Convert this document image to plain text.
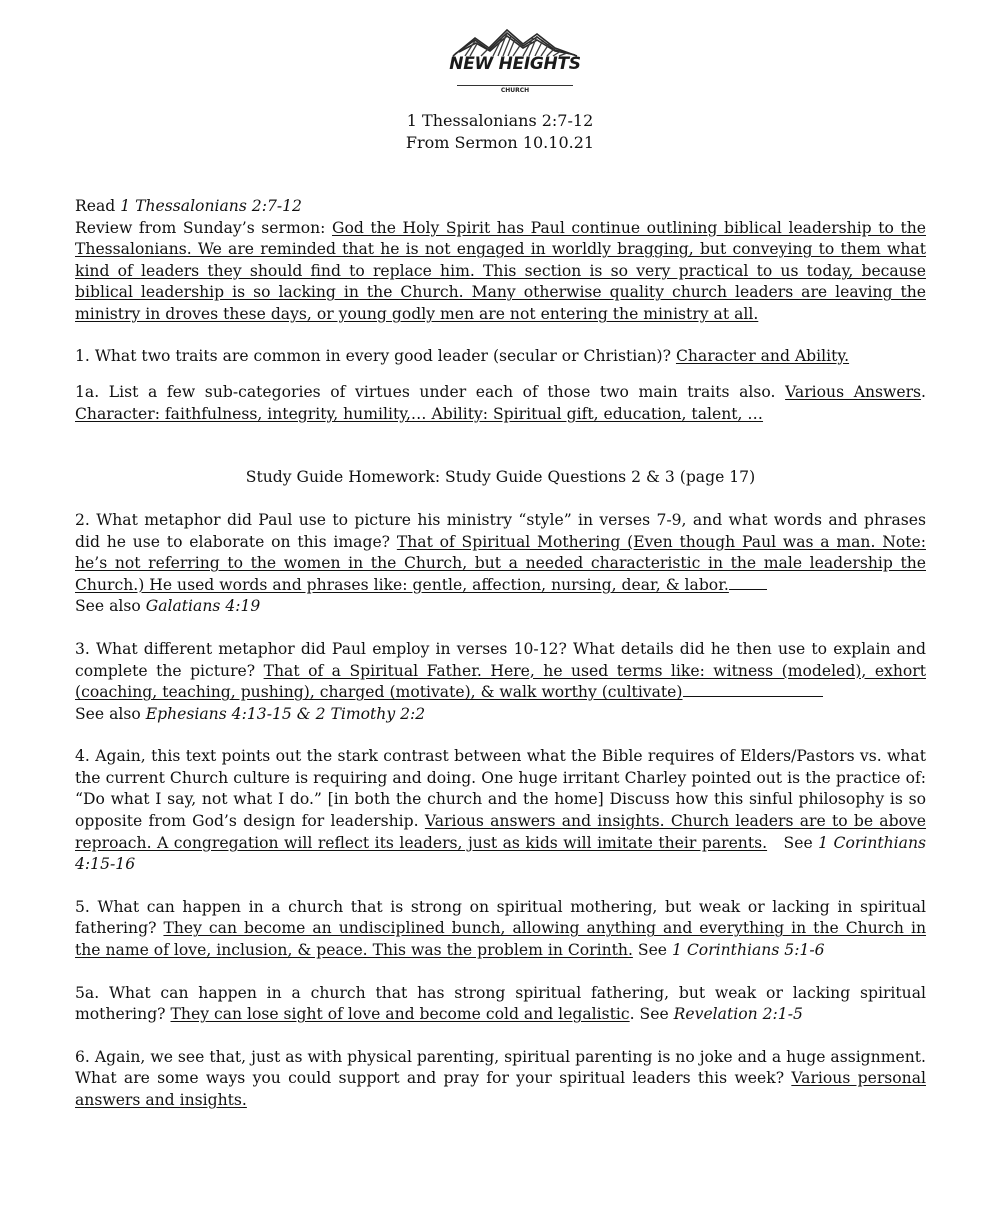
NEW HEIGHTS
CHURCH
1 Thessalonians 2:7-12
From Sermon 10.10.21

Read 1 Thessalonians 2:7-12

Review from Sunday’s sermon: God the Holy Spirit has Paul continue outlining biblical leadership to the Thessalonians. We are reminded that he is not engaged in worldly bragging, but conveying to them what kind of leaders they should find to replace him. This section is so very practical to us today, because biblical leadership is so lacking in the Church. Many otherwise quality church leaders are leaving the ministry in droves these days, or young godly men are not entering the ministry at all.

1. What two traits are common in every good leader (secular or Christian)? Character and Ability.

1a. List a few sub-categories of virtues under each of those two main traits also. Various Answers. Character: faithfulness, integrity, humility,… Ability: Spiritual gift, education, talent, …

Study Guide Homework: Study Guide Questions 2 & 3 (page 17)

2. What metaphor did Paul use to picture his ministry “style” in verses 7-9, and what words and phrases did he use to elaborate on this image? That of Spiritual Mothering (Even though Paul was a man. Note: he’s not referring to the women in the Church, but a needed characteristic in the male leadership the Church.) He used words and phrases like: gentle, affection, nursing, dear, & labor.
See also Galatians 4:19

3. What different metaphor did Paul employ in verses 10-12? What details did he then use to explain and complete the picture? That of a Spiritual Father. Here, he used terms like: witness (modeled), exhort (coaching, teaching, pushing), charged (motivate), & walk worthy (cultivate)
See also Ephesians 4:13-15 & 2 Timothy 2:2

4. Again, this text points out the stark contrast between what the Bible requires of Elders/Pastors vs. what the current Church culture is requiring and doing. One huge irritant Charley pointed out is the practice of: “Do what I say, not what I do.” [in both the church and the home] Discuss how this sinful philosophy is so opposite from God’s design for leadership. Various answers and insights. Church leaders are to be above reproach. A congregation will reflect its leaders, just as kids will imitate their parents. See 1 Corinthians 4:15-16

5. What can happen in a church that is strong on spiritual mothering, but weak or lacking in spiritual fathering? They can become an undisciplined bunch, allowing anything and everything in the Church in the name of love, inclusion, & peace. This was the problem in Corinth. See 1 Corinthians 5:1-6

5a. What can happen in a church that has strong spiritual fathering, but weak or lacking spiritual mothering? They can lose sight of love and become cold and legalistic. See Revelation 2:1-5

6. Again, we see that, just as with physical parenting, spiritual parenting is no joke and a huge assignment. What are some ways you could support and pray for your spiritual leaders this week? Various personal answers and insights.
